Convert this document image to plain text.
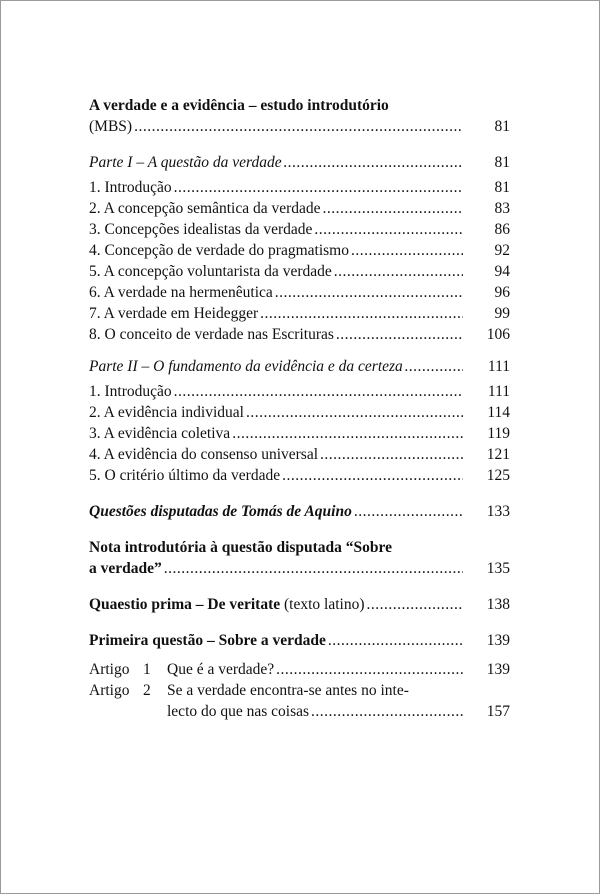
A verdade e a evidência – estudo introdutório
(MBS) .....	81
Parte I – A questão da verdade .....	81
1. Introdução .....	81
2. A concepção semântica da verdade .....	83
3. Concepções idealistas da verdade .....	86
4. Concepção de verdade do pragmatismo .....	92
5. A concepção voluntarista da verdade .....	94
6. A verdade na hermenêutica .....	96
7. A verdade em Heidegger .....	99
8. O conceito de verdade nas Escrituras .....	106
Parte II – O fundamento da evidência e da certeza .....	111
1. Introdução .....	111
2. A evidência individual .....	114
3. A evidência coletiva .....	119
4. A evidência do consenso universal .....	121
5. O critério último da verdade .....	125
Questões disputadas de Tomás de Aquino .....	133
Nota introdutória à questão disputada “Sobre
a verdade” .....	135
Quaestio prima – De veritate (texto latino) .....	138
Primeira questão – Sobre a verdade .....	139
Artigo 1	Que é a verdade? .....	139
Artigo 2	Se a verdade encontra-se antes no inte-
lecto do que nas coisas .....	157
